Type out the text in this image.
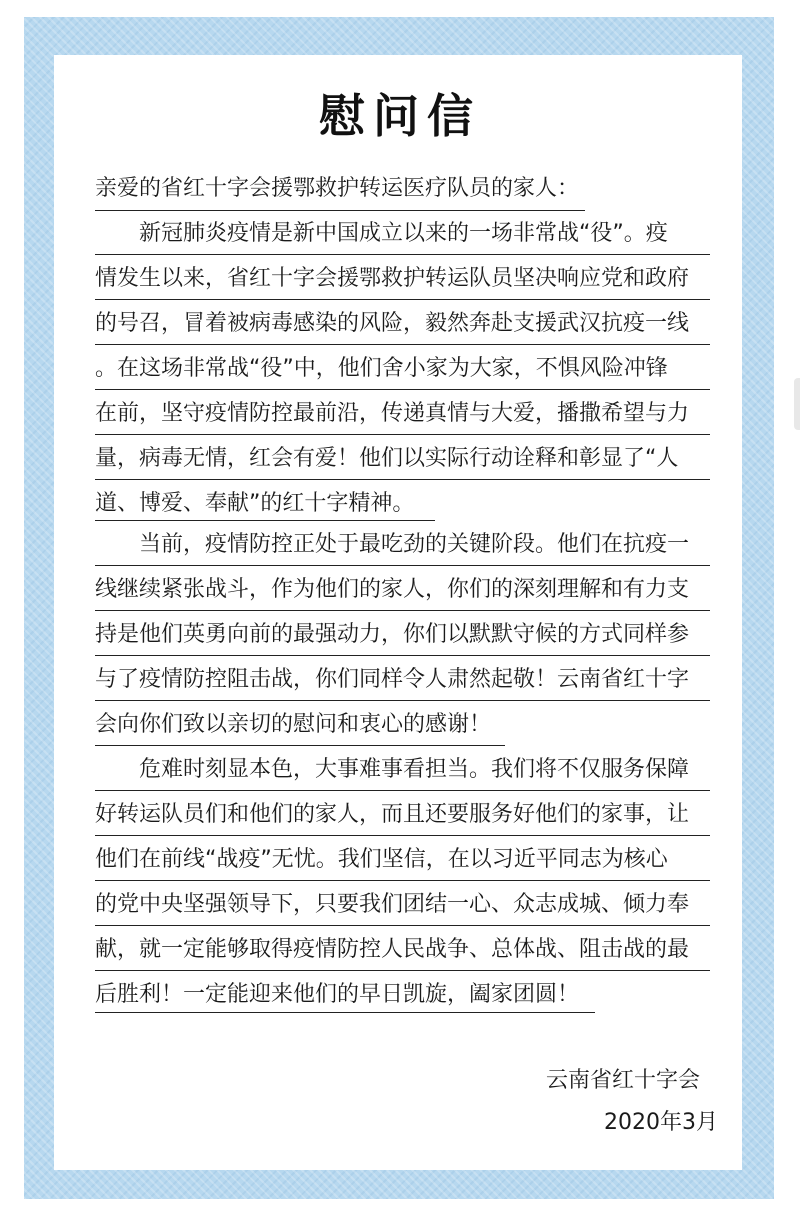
慰问信
亲爱的省红十字会援鄂救护转运医疗队员的家人：
新冠肺炎疫情是新中国成立以来的一场非常战“役”。疫
情发生以来，省红十字会援鄂救护转运队员坚决响应党和政府
的号召，冒着被病毒感染的风险，毅然奔赴支援武汉抗疫一线
。在这场非常战“役”中，他们舍小家为大家，不惧风险冲锋
在前，坚守疫情防控最前沿，传递真情与大爱，播撒希望与力
量，病毒无情，红会有爱！他们以实际行动诠释和彰显了“人
道、博爱、奉献”的红十字精神。
当前，疫情防控正处于最吃劲的关键阶段。他们在抗疫一
线继续紧张战斗，作为他们的家人，你们的深刻理解和有力支
持是他们英勇向前的最强动力，你们以默默守候的方式同样参
与了疫情防控阻击战，你们同样令人肃然起敬！云南省红十字
会向你们致以亲切的慰问和衷心的感谢！
危难时刻显本色，大事难事看担当。我们将不仅服务保障
好转运队员们和他们的家人，而且还要服务好他们的家事，让
他们在前线“战疫”无忧。我们坚信，在以习近平同志为核心
的党中央坚强领导下，只要我们团结一心、众志成城、倾力奉
献，就一定能够取得疫情防控人民战争、总体战、阻击战的最
后胜利！一定能迎来他们的早日凯旋，阖家团圆！
云南省红十字会
2020年3月
